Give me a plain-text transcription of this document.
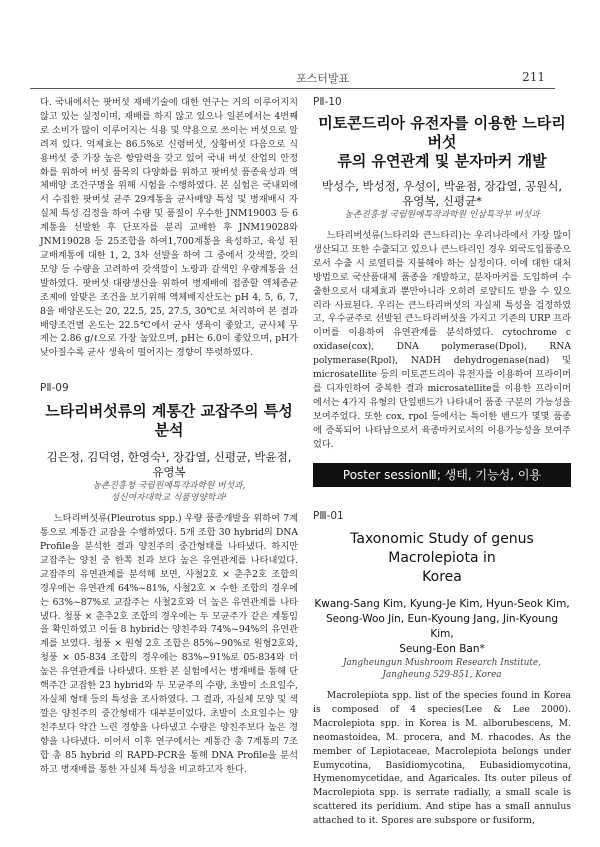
포스터발표	211

다. 국내에서는 팟버섯 재배기술에 대한 연구는 거의 이루어지지 않고 있는 실정이며, 재배를 하지 않고 있으나 일본에서는 4번째로 소비가 많이 이루어지는 식용 및 약용으로 쓰이는 버섯으로 알려져 있다. 억제효는 86.5%로 신령버섯, 상황버섯 다음으로 식용버섯 중 가장 높은 항암력을 갖고 있어 국내 버섯 산업의 안정화를 위하여 버섯 품목의 다양화를 위하고 팟버섯 품종육성과 액체배양 조건구명을 위해 시험을 수행하였다. 본 실험은 국내외에서 수집한 팟버섯 균주 29계통을 균사배양 특성 및 병재배시 자실체 특성 검정을 하여 수량 및 품질이 우수한 JNM19003 등 6계통을 선발한 후 단포자를 분리 교배한 후 JNM19028와 JNM19028 등 25조합을 하여1,700계통을 육성하고, 육성 된 교배계통에 대한 1, 2, 3차 선발을 하여 그 중에서 갓색깔, 갓의 모양 등 수량을 고려하여 갓색깔이 노랑과 갈색인 우량계통을 선발하였다. 팟버섯 대량생산을 위하여 병재배에 접종할 액체종균조제에 알맞은 조건을 보기위해 액체배지산도는 pH 4, 5, 6, 7, 8을 배양온도는 20, 22.5, 25, 27.5, 30℃로 처리하여 본 결과 배양조건별 온도는 22.5℃에서 균사 생육이 좋았고, 균사체 무게는 2.86 g/ℓ으로 가장 높았으며, pH는 6.0이 좋았으며, pH가 낮아질수록 균사 생육이 떨어지는 경향이 뚜렷하였다.

PⅡ-09

느타리버섯류의 계통간 교잡주의 특성분석

김은정, 김덕영, 한영숙¹, 장갑열, 신평균, 박윤점, 유영복

농촌진흥청 국립원예특작과학원 버섯과,

성신여자대학교 식품영양학과¹

느타리버섯류(Pleurotus spp.) 우량 품종개발을 위하여 7계통으로 계통간 교잡을 수행하였다. 5개 조합 30 hybrid의 DNA Profile을 분석한 결과 양친주의 중간형태를 나타냈다. 하지만 교잡주는 양친 중 한쪽 친과 보다 높은 유연관계를 나타내었다. 교잡주의 유연관계를 분석해 보면, 사철2호 × 춘추2호 조합의 경우에는 유연관계 64%~81%, 사철2호 × 수한 조합의 경우에는 63%~87%로 교잡주는 사철2호와 더 높은 유연관계를 나타냈다. 청풍 × 춘추2호 조합의 경우에는 두 모균주가 같은 계통임을 확인하였고 이들 8 hybrid는 양친주와 74%~94%의 유연관계를 보였다. 청풍 × 원형 2호 조합은 85%~90%로 원형2호와, 청풍 × 05-834 조합의 경우에는 83%~91%로 05-834와 더 높은 유연관계를 나타냈다. 또한 본 실험에서는 병재배를 통해 단핵주간 교잡한 23 hybrid와 두 모균주의 수량, 초발이 소요일수, 자실체 형태 등의 특성을 조사하였다. 그 결과, 자실체 모양 및 색깔은 양친주의 중간형태가 대부분이었다. 초발이 소요일수는 양친주보다 약간 느린 경향을 나타냈고 수량은 양친주보다 높은 경향을 나타냈다. 이어서 이후 연구에서는 계통간 총 7계통의 7조합 총 85 hybrid 의 RAPD-PCR을 통해 DNA Profile을 분석하고 병재배를 통한 자실체 특성을 비교하고자 한다.

PⅡ-10

미토콘드리아 유전자를 이용한 느타리버섯

류의 유연관계 및 분자마커 개발

박성수, 박성정, 우성이, 박윤점, 장갑열, 공원식,

유영복, 신평균*

농촌진흥청 국립원예특작과학원 인삼특작부 버섯과

느타리버섯류(느타리와 큰느타리)는 우리나라에서 가장 많이 생산되고 또한 수출되고 있으나 큰느타리인 경우 외국도입품종으로서 수출 시 로열티를 지불해야 하는 실정이다. 이에 대한 대처방법으로 국산품대체 품종을 개발하고, 분자마커를 도입하여 수출한으로서 대체효과 뿐만아니라 오히려 로얄티도 받을 수 있으리라 사료된다. 우리는 큰느타리버섯의 자실체 특성을 검정하였고, 우수균주로 선발된 큰느타리버섯을 가지고 기존의 URP 프라이머를 이용하여 유연관계를 분석하였다. cytochrome c oxidase(cox), DNA polymerase(Dpol), RNA polymerase(Rpol), NADH dehydrogenase(nad) 및 microsatellite 등의 미토콘드리아 유전자를 이용하여 프라이머를 디자인하여 중복한 결과 microsatellite를 이용한 프라이머에서는 4가지 유형의 단일밴드가 나타내어 품종 구분의 가능성을 보여주었다. 또한 cox, rpol 등에서는 특이한 밴드가 몇몇 품종에 증폭되어 나타남으로서 육종마커로서의 이용가능성을 보여주었다.

Poster sessionⅢ; 생태, 기능성, 이용

PⅢ-01

Taxonomic Study of genus Macrolepiota in

Korea

Kwang-Sang Kim, Kyung-Je Kim, Hyun-Seok Kim,

Seong-Woo Jin, Eun-Kyoung Jang, Jin-Kyoung Kim,

Seung-Eon Ban*

Jangheungun Mushroom Research Institute,

Jangheung 529-851, Korea

Macrolepiota spp. list of the species found in Korea is composed of 4 species(Lee & Lee 2000). Macrolepiota spp. in Korea is M. alborubescens, M. neomastoidea, M. procera, and M. rhacodes. As the member of Lepiotaceae, Macrolepiota belongs under Eumycotina, Basidiomycotina, Eubasidiomycotina, Hymenomycetidae, and Agaricales. Its outer pileus of Macrolepiota spp. is serrate radially, a small scale is scattered its peridium. And stipe has a small annulus attached to it. Spores are subspore or fusiform,
